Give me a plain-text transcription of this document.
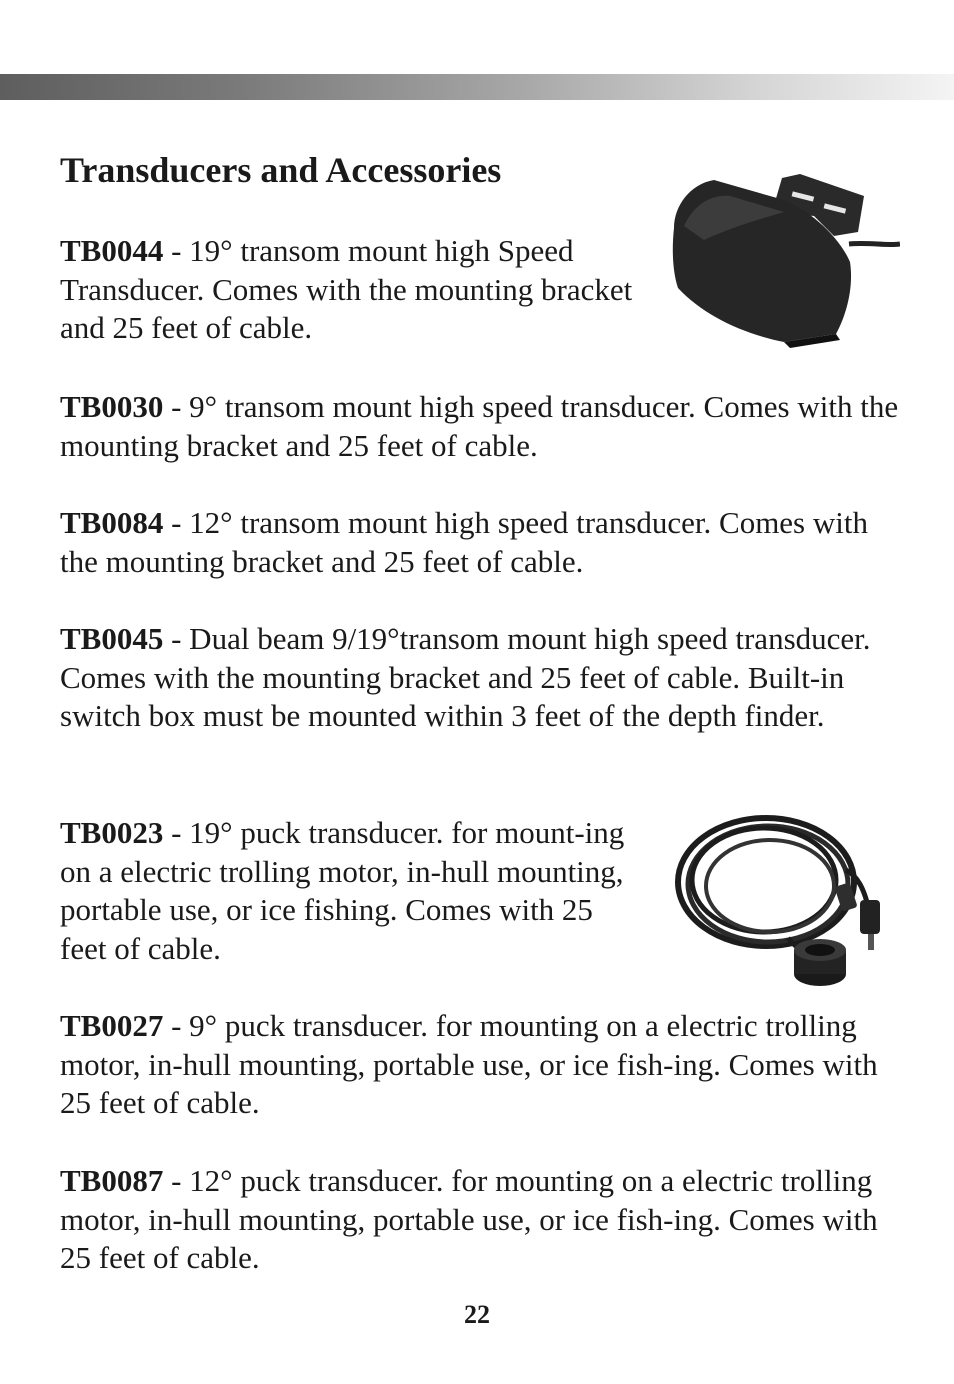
Transducers and Accessories

TB0044 - 19° transom mount high Speed Transducer. Comes with the mounting bracket and 25 feet of cable.

TB0030 - 9° transom mount high speed transducer. Comes with the mounting bracket and 25 feet of cable.

TB0084 - 12° transom mount high speed transducer. Comes with the mounting bracket and 25 feet of cable.

TB0045 - Dual beam 9/19°transom mount high speed transducer. Comes with the mounting bracket and 25 feet of cable. Built-in switch box must be mounted within 3 feet of the depth finder.

TB0023 - 19° puck transducer. for mount-ing on a electric trolling motor, in-hull mounting, portable use, or ice fishing. Comes with 25 feet of cable.

TB0027 - 9° puck transducer. for mounting on a electric trolling motor, in-hull mounting, portable use, or ice fish-ing. Comes with 25 feet of cable.

TB0087 - 12° puck transducer. for mounting on a electric trolling motor, in-hull mounting, portable use, or ice fish-ing. Comes with 25 feet of cable.

22
